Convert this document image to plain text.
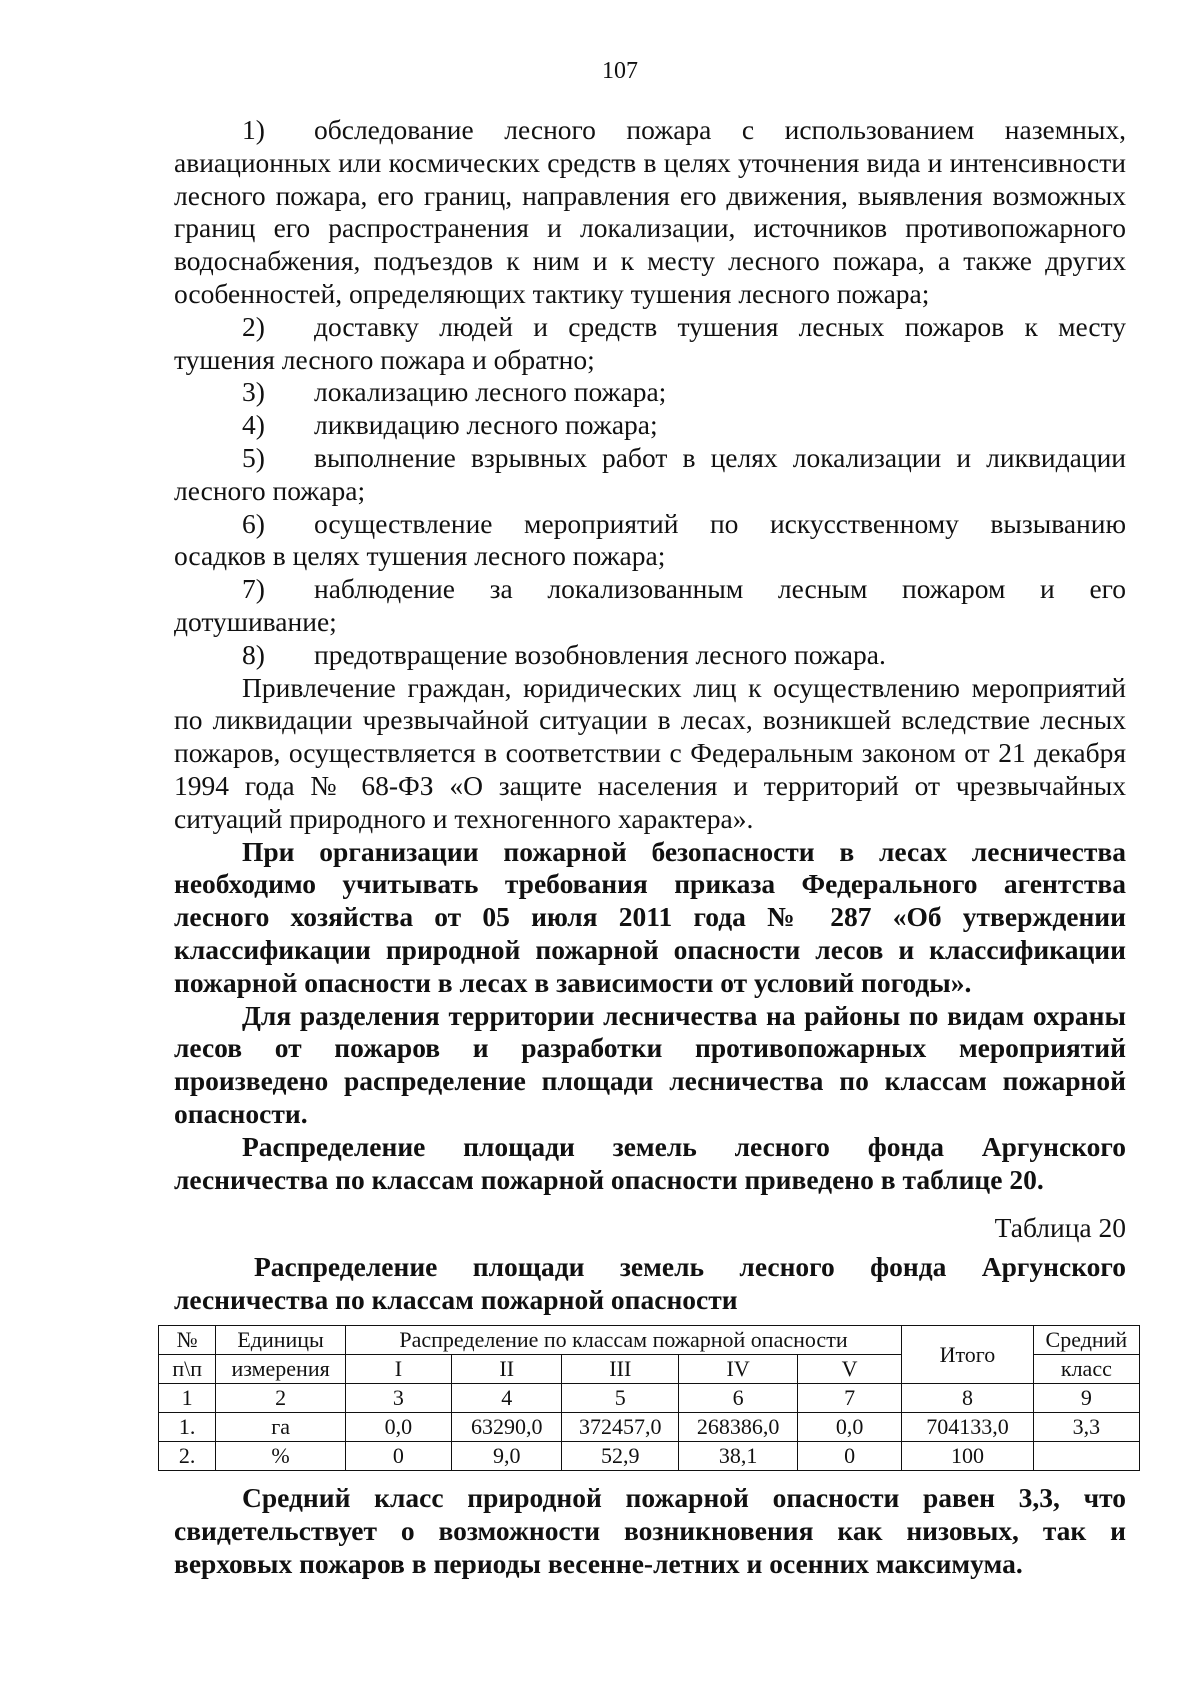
107

1) обследование лесного пожара с использованием наземных, авиационных или космических средств в целях уточнения вида и интенсивности лесного пожара, его границ, направления его движения, выявления возможных границ его распространения и локализации, источников противопожарного водоснабжения, подъездов к ним и к месту лесного пожара, а также других особенностей, определяющих тактику тушения лесного пожара;

2) доставку людей и средств тушения лесных пожаров к месту тушения лесного пожара и обратно;

3) локализацию лесного пожара;

4) ликвидацию лесного пожара;

5) выполнение взрывных работ в целях локализации и ликвидации лесного пожара;

6) осуществление мероприятий по искусственному вызыванию осадков в целях тушения лесного пожара;

7) наблюдение за локализованным лесным пожаром и его дотушивание;

8) предотвращение возобновления лесного пожара.

Привлечение граждан, юридических лиц к осуществлению мероприятий по ликвидации чрезвычайной ситуации в лесах, возникшей вследствие лесных пожаров, осуществляется в соответствии с Федеральным законом от 21 декабря 1994 года № 68-ФЗ «О защите населения и территорий от чрезвычайных ситуаций природного и техногенного характера».

При организации пожарной безопасности в лесах лесничества необходимо учитывать требования приказа Федерального агентства лесного хозяйства от 05 июля 2011 года № 287 «Об утверждении классификации природной пожарной опасности лесов и классификации пожарной опасности в лесах в зависимости от условий погоды».

Для разделения территории лесничества на районы по видам охраны лесов от пожаров и разработки противопожарных мероприятий произведено распределение площади лесничества по классам пожарной опасности.

Распределение площади земель лесного фонда Аргунского лесничества по классам пожарной опасности приведено в таблице 20.

Таблица 20

Распределение площади земель лесного фонда Аргунского лесничества по классам пожарной опасности

№	Единицы	Распределение по классам пожарной опасности					Итого	Средний
п\п	измерения	I	II	III	IV	V		класс
1	2	3	4	5	6	7	8	9
1.	га	0,0	63290,0	372457,0	268386,0	0,0	704133,0	3,3
2.	%	0	9,0	52,9	38,1	0	100	

Средний класс природной пожарной опасности равен 3,3, что свидетельствует о возможности возникновения как низовых, так и верховых пожаров в периоды весенне-летних и осенних максимума.
